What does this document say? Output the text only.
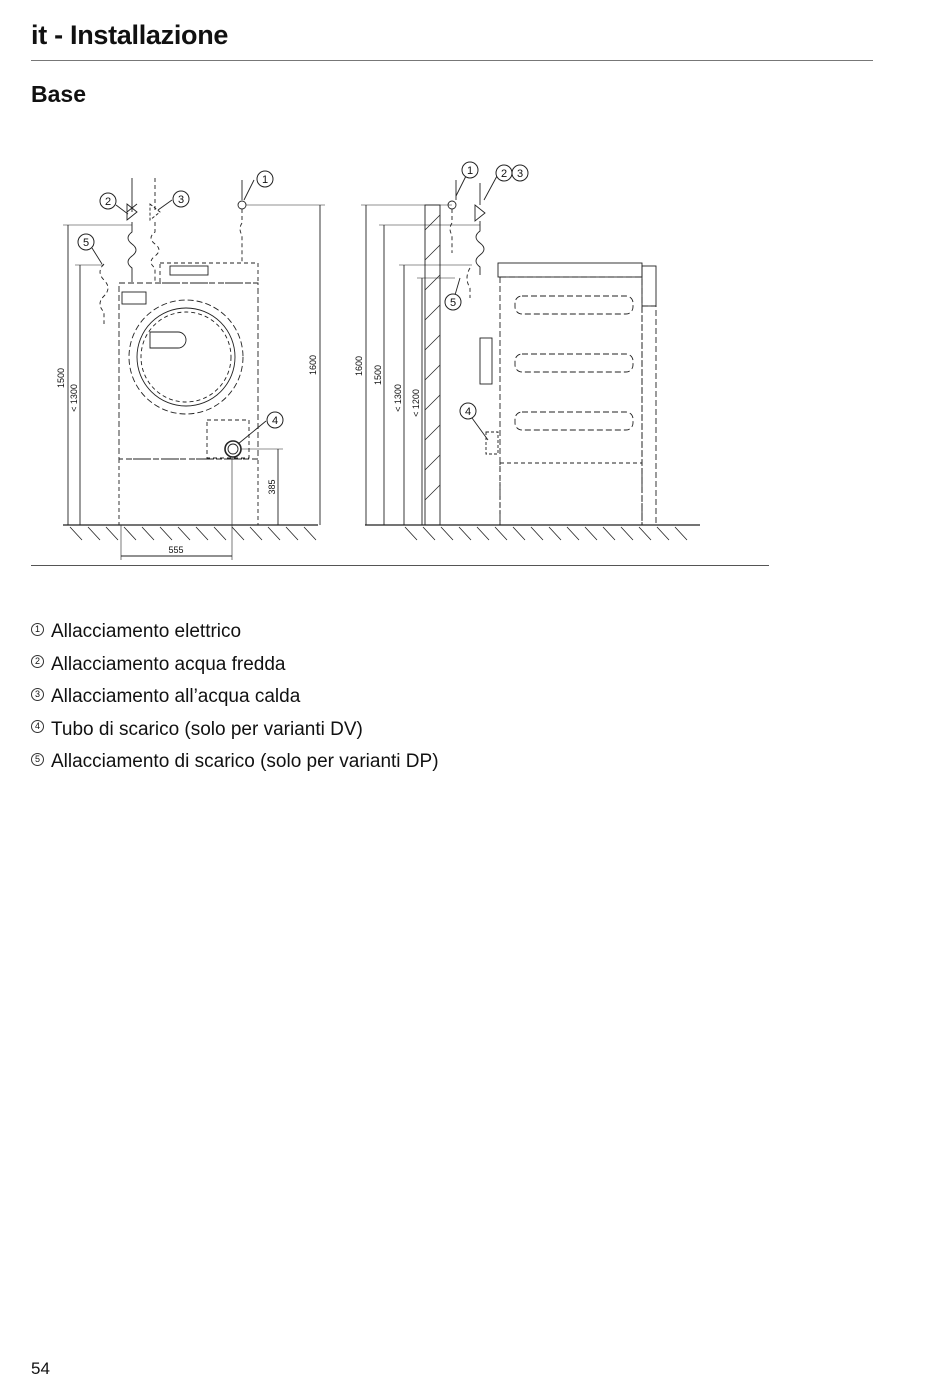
it - Installazione
Base
2	3
1
5
4
1	2 3
5
4
1500
< 1300
1600
385
555
1600 1500
< 1300 < 1200
1 Allacciamento elettrico
2 Allacciamento acqua fredda
3 Allacciamento all’acqua calda
4 Tubo di scarico (solo per varianti DV)
5 Allacciamento di scarico (solo per varianti DP)
54
